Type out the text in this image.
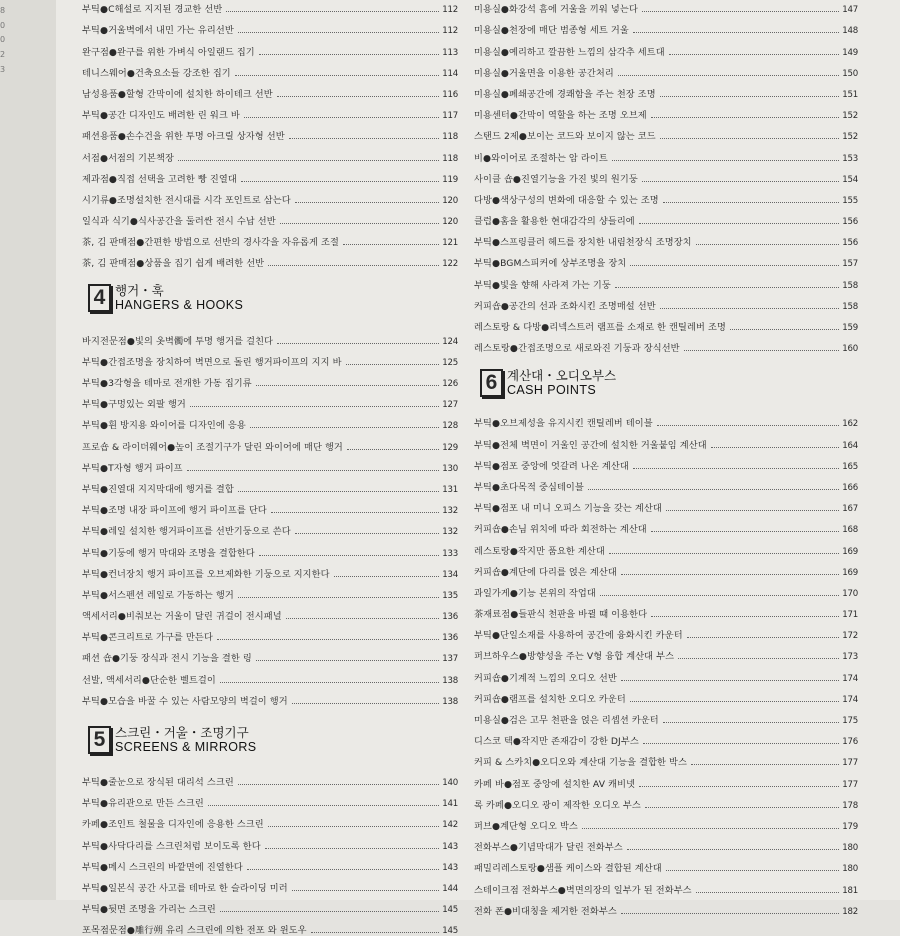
8
0
0
2
3
부틱●C해설로 지지된 경교한 선반	112
부틱●거울벽에서 내민 가는 유리선반	112
완구점●완구를 위한 가벼식 아일랜드 집기	113
테니스웨어●건축요소들 강조한 집기	114
남성용품●할형 간막이에 설치한 하이테크 선반	116
부틱●공간 디자인도 배려한 린 워크 바	117
패션용품●손수건을 위한 투명 아크릴 상자형 선반	118
서점●서점의 기본책장	118
제과점●직접 선택을 고려한 빵 진열대	119
시기류●조명설치한 전시대를 시각 포인트로 삼는다	120
일식과 식기●식사공간을 둘러싼 전시 수납 선반	120
茶, 김 판매점●간편한 방법으로 선반의 경사각을 자유롭게 조절	121
茶, 김 판매점●상품을 집기 쉽게 배려한 선반	122
4 행거・훅
HANGERS & HOOKS
바지전문점●빛의 옷벽髑에 투명 행거를 걸친다	124
부틱●간접조명을 장치하여 벽면으로 돌린 행거파이프의 지지 바	125
부틱●3각형을 테마로 전개한 가동 집기류	126
부틱●구멍있는 외팔 행거	127
부틱●휜 방지용 와이어를 디자인에 응용	128
프로숍 & 라이더웨어●높이 조절기구가 달린 와이어에 매단 행거	129
부틱●T자형 행거 파이프	130
부틱●진열대 지지막대에 행거를 결합	131
부틱●조명 내장 파이프에 행거 파이프를 단다	132
부틱●레일 설치한 행거파이프를 선반기둥으로 쓴다	132
부틱●기둥에 행거 막대와 조명을 결합한다	133
부틱●컨너장치 행거 파이프를 오브제화한 기둥으로 지지한다	134
부틱●서스펜션 레일로 가동하는 행거	135
액세서리●비춰보는 거울이 달린 귀걸이 전시패널	136
부틱●콘크리트로 가구를 만든다	136
패션 숍●기둥 장식과 전시 기능을 결한 링	137
선발, 액세서리●단순한 벨트걸이	138
부틱●모습을 바꿀 수 있는 사람모양의 벽걸이 행거	138
5 스크린・거울・조명기구
SCREENS & MIRRORS
부틱●줄눈으로 장식된 대리석 스크린	140
부틱●유리관으로 만든 스크린	141
카페●조인트 철물을 디자인에 응용한 스크린	142
부틱●사닥다리를 스크린처럼 보이도록 한다	143
부틱●메시 스크린의 바깥면에 진열한다	143
부틱●일본식 공간 사고를 테마로 한 슬라이딩 미러	144
부틱●뒷면 조명을 가리는 스크린	145
포목점문점●雕行朔 유리 스크린에 의한 전포 와 윈도우	145
미용실●화강석 흠에 거울을 끼워 넣는다	147
미용실●천장에 매단 범종형 세트 거울	148
미용실●예리하고 깔끔한 느낌의 삼각추 세트대	149
미용실●거울면을 이용한 공간처리	150
미용실●폐쇄공간에 경쾌함을 주는 천장 조명	151
미용센터●간막이 역할을 하는 조명 오브제	152
스탠드 2제●보이는 코드와 보이지 않는 코드	152
비●와이어로 조절하는 암 라이트	153
사이클 숍●진열기능을 가진 빛의 원기둥	154
다방●색상구성의 변화에 대응할 수 있는 조명	155
클럽●홈을 활용한 현대감각의 샹들리에	156
부틱●스프링클러 헤드를 장치한 내림천장식 조명장치	156
부틱●BGM스피커에 상부조명을 장치	157
부틱●빛을 향해 사라져 가는 기둥	158
커피숍●공간의 선과 조화시킨 조명매설 선반	158
레스토랑 & 다방●리넥스트러 램프를 소재로 한 캔틸레버 조명	159
레스토랑●간접조명으로 새로와진 기둥과 장식선반	160
6 계산대・오디오부스
CASH POINTS
부틱●오브제성을 유지시킨 캔틸레버 테이블	162
부틱●전체 벽면이 거울인 공간에 설치한 거울붙임 계산대	164
부틱●점포 중앙에 엇갈려 나온 계산대	165
부틱●초다목적 중심테이블	166
부틱●점포 내 미니 오피스 기능을 갖는 계산대	167
커피숍●손님 위치에 따라 회전하는 계산대	168
레스토랑●작지만 품요한 계산대	169
커피숍●계단에 다리를 얹은 계산대	169
과일가게●기능 본위의 작업대	170
茶재료점●들판식 천판을 바뀔 때 이용한다	171
부틱●단일소재를 사용하여 공간에 융화시킨 카운터	172
퍼브하우스●방향성을 주는 V형 융합 계산대 부스	173
커피숍●기계적 느낌의 오디오 선반	174
커피숍●램프를 설치한 오디오 카운터	174
미용실●검은 고무 천판을 얹은 리셉션 카운터	175
디스코 텍●작지만 존재감이 강한 DJ부스	176
커피 & 스카치●오디오와 계산대 기능을 결합한 박스	177
카페 바●점포 중앙에 설치한 AV 캐비넷	177
록 카페●오디오 광이 제작한 오디오 부스	178
퍼브●계단형 오디오 박스	179
전화부스●기념막대가 달린 전화부스	180
패밀리레스토랑●샘플 케이스와 결합된 계산대	180
스테이크점 전화부스●벽면의장의 일부가 된 전화부스	181
전화 폰●비대칭을 제거한 전화부스	182
